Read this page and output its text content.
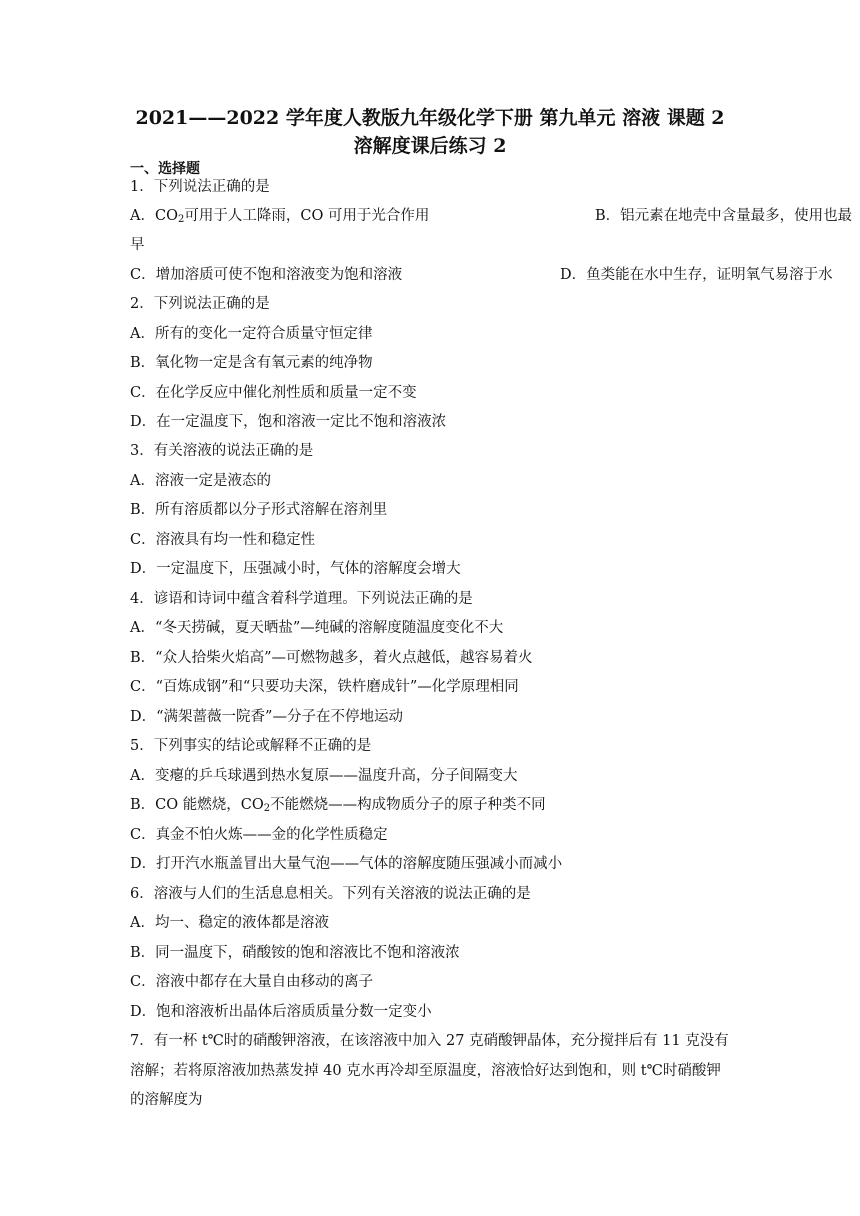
2021——2022 学年度人教版九年级化学下册 第九单元 溶液 课题 2
溶解度课后练习 2
一、选择题
1．下列说法正确的是
A．$CO_2$可用于人工降雨，CO 可用于光合作用	B．铝元素在地壳中含量最多，使用也最
早
C．增加溶质可使不饱和溶液变为饱和溶液	D．鱼类能在水中生存，证明氧气易溶于水
2．下列说法正确的是
A．所有的变化一定符合质量守恒定律
B．氧化物一定是含有氧元素的纯净物
C．在化学反应中催化剂性质和质量一定不变
D．在一定温度下，饱和溶液一定比不饱和溶液浓
3．有关溶液的说法正确的是
A．溶液一定是液态的
B．所有溶质都以分子形式溶解在溶剂里
C．溶液具有均一性和稳定性
D．一定温度下，压强减小时，气体的溶解度会增大
4．谚语和诗词中蕴含着科学道理。下列说法正确的是
A．“冬天捞碱，夏天晒盐”—纯碱的溶解度随温度变化不大
B．“众人拾柴火焰高”—可燃物越多，着火点越低，越容易着火
C．“百炼成钢”和“只要功夫深，铁杵磨成针”—化学原理相同
D．“满架蔷薇一院香”—分子在不停地运动
5．下列事实的结论或解释不正确的是
A．变瘪的乒乓球遇到热水复原——温度升高，分子间隔变大
B．CO 能燃烧，$CO_2$不能燃烧——构成物质分子的原子种类不同
C．真金不怕火炼——金的化学性质稳定
D．打开汽水瓶盖冒出大量气泡——气体的溶解度随压强减小而减小
6．溶液与人们的生活息息相关。下列有关溶液的说法正确的是
A．均一、稳定的液体都是溶液
B．同一温度下，硝酸铵的饱和溶液比不饱和溶液浓
C．溶液中都存在大量自由移动的离子
D．饱和溶液析出晶体后溶质质量分数一定变小
7．有一杯 t℃时的硝酸钾溶液，在该溶液中加入 27 克硝酸钾晶体，充分搅拌后有 11 克没有
溶解；若将原溶液加热蒸发掉 40 克水再冷却至原温度，溶液恰好达到饱和，则 t℃时硝酸钾
的溶解度为
